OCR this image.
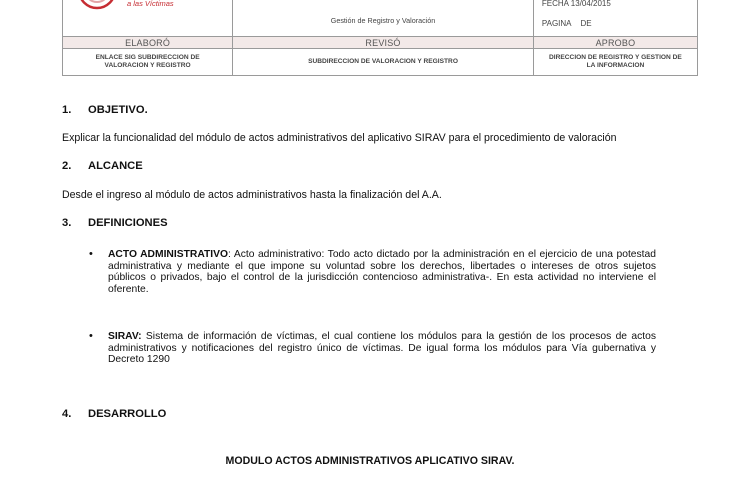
a las Víctimas	Gestión de Registro y Valoración	FECHA 13/04/2015
PAGINA DE

ELABORÓ	REVISÓ	APROBO
ENLACE SIG SUBDIRECCION DE VALORACION Y REGISTRO	SUBDIRECCION DE VALORACION Y REGISTRO	DIRECCION DE REGISTRO Y GESTION DE LA INFORMACION
1. OBJETIVO.
Explicar la funcionalidad del módulo de actos administrativos del aplicativo SIRAV para el procedimiento de valoración
2. ALCANCE
Desde el ingreso al módulo de actos administrativos hasta la finalización del A.A.
3. DEFINICIONES
• ACTO ADMINISTRATIVO: Acto administrativo: Todo acto dictado por la administración en el ejercicio de una potestad administrativa y mediante el que impone su voluntad sobre los derechos, libertades o intereses de otros sujetos públicos o privados, bajo el control de la jurisdicción contencioso administrativa-. En esta actividad no interviene el oferente.
• SIRAV: Sistema de información de víctimas, el cual contiene los módulos para la gestión de los procesos de actos administrativos y notificaciones del registro único de víctimas. De igual forma los módulos para Vía gubernativa y Decreto 1290
4. DESARROLLO
MODULO ACTOS ADMINISTRATIVOS APLICATIVO SIRAV.
